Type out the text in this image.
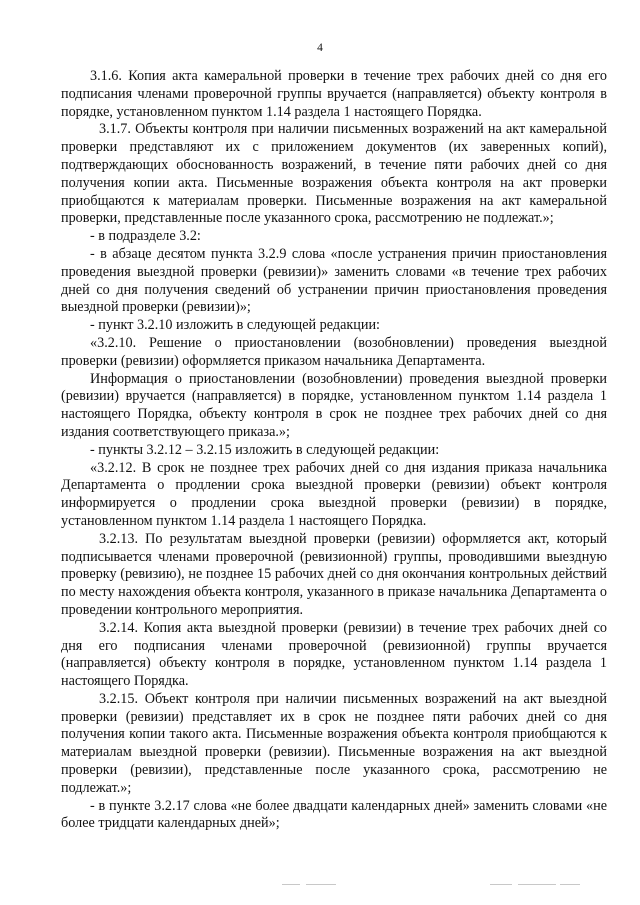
4

3.1.6. Копия акта камеральной проверки в течение трех рабочих дней со дня его подписания членами проверочной группы вручается (направляется) объекту контроля в порядке, установленном пунктом 1.14 раздела 1 настоящего Порядка.

3.1.7. Объекты контроля при наличии письменных возражений на акт камеральной проверки представляют их с приложением документов (их заверенных копий), подтверждающих обоснованность возражений, в течение пяти рабочих дней со дня получения копии акта. Письменные возражения объекта контроля на акт проверки приобщаются к материалам проверки. Письменные возражения на акт камеральной проверки, представленные после указанного срока, рассмотрению не подлежат.»;

- в подразделе 3.2:

- в абзаце десятом пункта 3.2.9 слова «после устранения причин приостановления проведения выездной проверки (ревизии)» заменить словами «в течение трех рабочих дней со дня получения сведений об устранении причин приостановления проведения выездной проверки (ревизии)»;

- пункт 3.2.10 изложить в следующей редакции:

«3.2.10. Решение о приостановлении (возобновлении) проведения выездной проверки (ревизии) оформляется приказом начальника Департамента.

Информация о приостановлении (возобновлении) проведения выездной проверки (ревизии) вручается (направляется) в порядке, установленном пунктом 1.14 раздела 1 настоящего Порядка, объекту контроля в срок не позднее трех рабочих дней со дня издания соответствующего приказа.»;

- пункты 3.2.12 – 3.2.15 изложить в следующей редакции:

«3.2.12. В срок не позднее трех рабочих дней со дня издания приказа начальника Департамента о продлении срока выездной проверки (ревизии) объект контроля информируется о продлении срока выездной проверки (ревизии) в порядке, установленном пунктом 1.14 раздела 1 настоящего Порядка.

3.2.13. По результатам выездной проверки (ревизии) оформляется акт, который подписывается членами проверочной (ревизионной) группы, проводившими выездную проверку (ревизию), не позднее 15 рабочих дней со дня окончания контрольных действий по месту нахождения объекта контроля, указанного в приказе начальника Департамента о проведении контрольного мероприятия.

3.2.14. Копия акта выездной проверки (ревизии) в течение трех рабочих дней со дня его подписания членами проверочной (ревизионной) группы вручается (направляется) объекту контроля в порядке, установленном пунктом 1.14 раздела 1 настоящего Порядка.

3.2.15. Объект контроля при наличии письменных возражений на акт выездной проверки (ревизии) представляет их в срок не позднее пяти рабочих дней со дня получения копии такого акта. Письменные возражения объекта контроля приобщаются к материалам выездной проверки (ревизии). Письменные возражения на акт выездной проверки (ревизии), представленные после указанного срока, рассмотрению не подлежат.»;

- в пункте 3.2.17 слова «не более двадцати календарных дней» заменить словами «не более тридцати календарных дней»;
